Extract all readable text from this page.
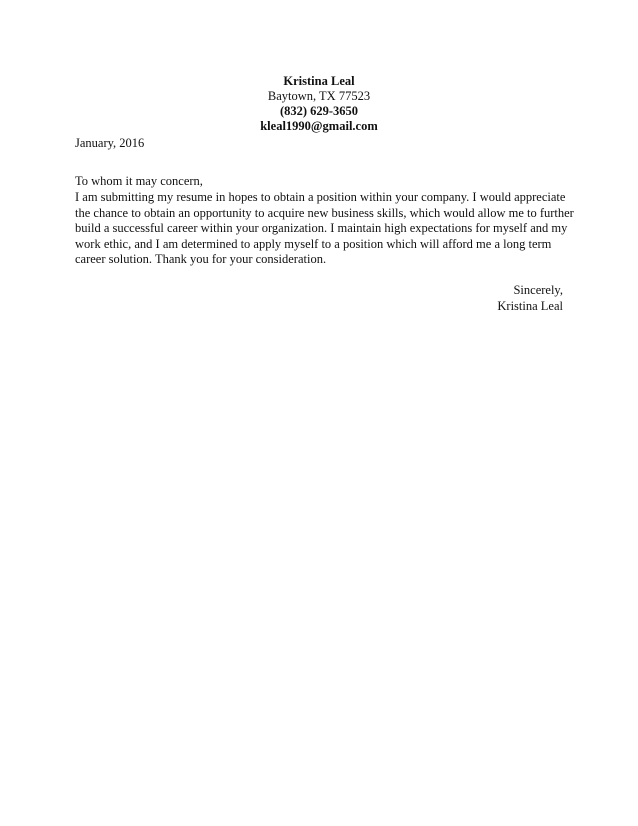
Kristina Leal
Baytown, TX 77523
(832) 629-3650
kleal1990@gmail.com
January, 2016
To whom it may concern,
I am submitting my resume in hopes to obtain a position within your company. I would appreciate
the chance to obtain an opportunity to acquire new business skills, which would allow me to further
build a successful career within your organization. I maintain high expectations for myself and my
work ethic, and I am determined to apply myself to a position which will afford me a long term
career solution. Thank you for your consideration.
Sincerely,
Kristina Leal
